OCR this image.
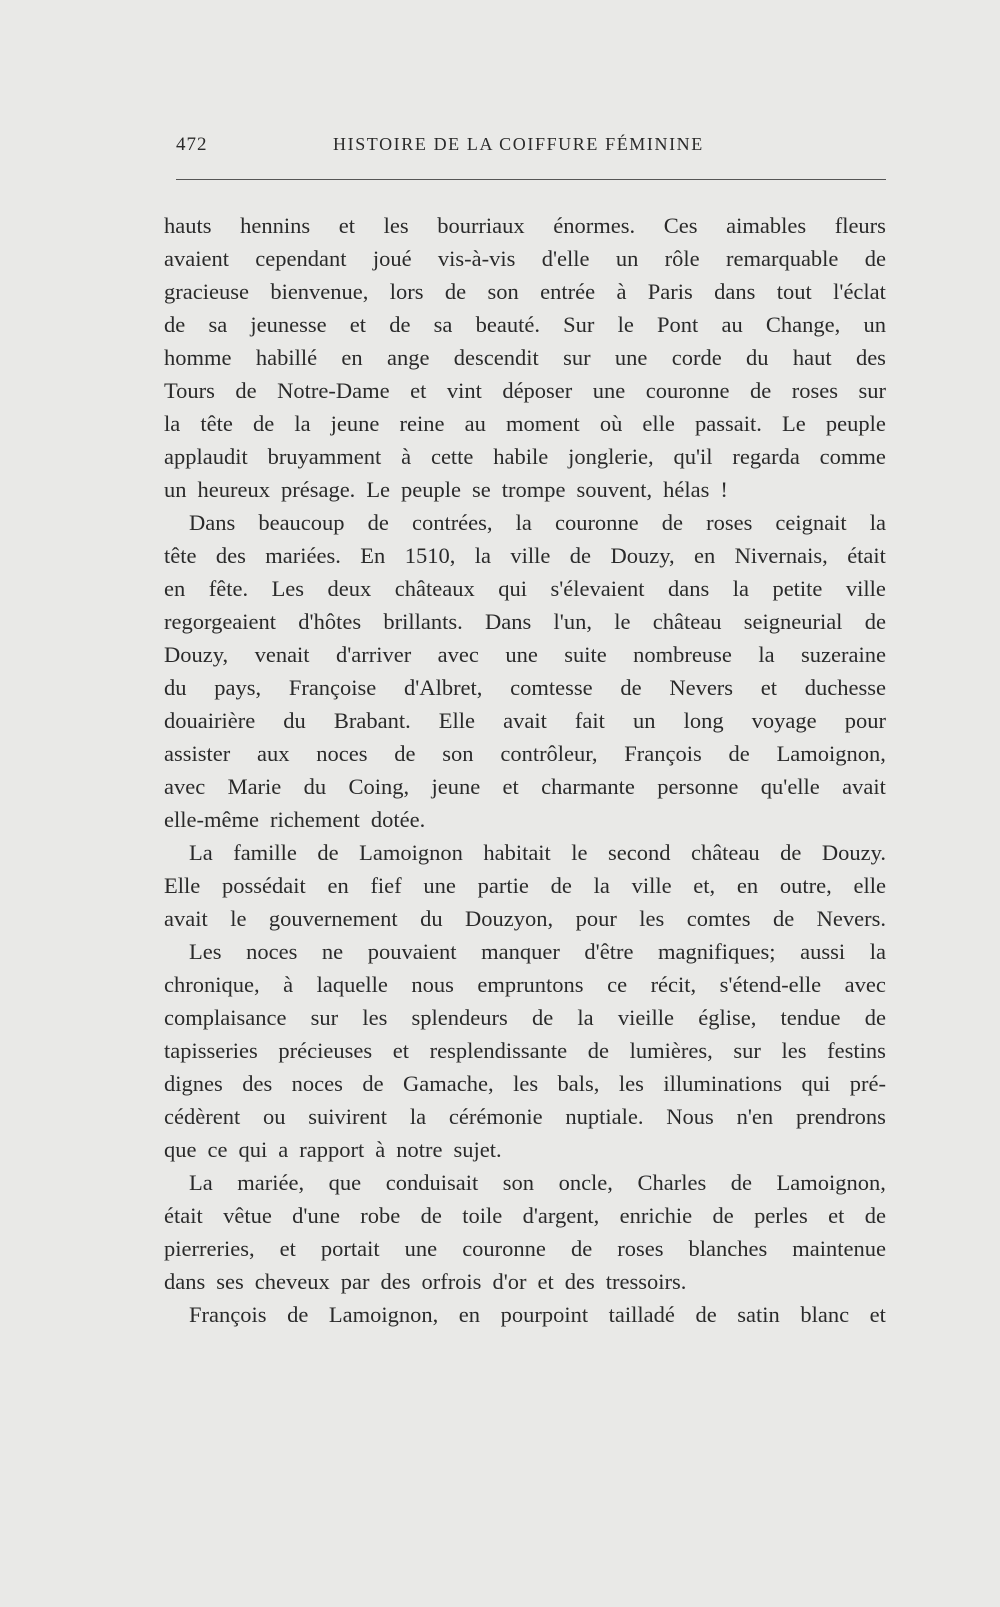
472	HISTOIRE DE LA COIFFURE FÉMININE
hauts hennins et les bourriaux énormes. Ces aimables fleurs
avaient cependant joué vis-à-vis d'elle un rôle remarquable de
gracieuse bienvenue, lors de son entrée à Paris dans tout l'éclat
de sa jeunesse et de sa beauté. Sur le Pont au Change, un
homme habillé en ange descendit sur une corde du haut des
Tours de Notre-Dame et vint déposer une couronne de roses sur
la tête de la jeune reine au moment où elle passait. Le peuple
applaudit bruyamment à cette habile jonglerie, qu'il regarda comme
un heureux présage. Le peuple se trompe souvent, hélas !
Dans beaucoup de contrées, la couronne de roses ceignait la
tête des mariées. En 1510, la ville de Douzy, en Nivernais, était
en fête. Les deux châteaux qui s'élevaient dans la petite ville
regorgeaient d'hôtes brillants. Dans l'un, le château seigneurial de
Douzy, venait d'arriver avec une suite nombreuse la suzeraine
du pays, Françoise d'Albret, comtesse de Nevers et duchesse
douairière du Brabant. Elle avait fait un long voyage pour
assister aux noces de son contrôleur, François de Lamoignon,
avec Marie du Coing, jeune et charmante personne qu'elle avait
elle-même richement dotée.
La famille de Lamoignon habitait le second château de Douzy.
Elle possédait en fief une partie de la ville et, en outre, elle
avait le gouvernement du Douzyon, pour les comtes de Nevers.
Les noces ne pouvaient manquer d'être magnifiques; aussi la
chronique, à laquelle nous empruntons ce récit, s'étend-elle avec
complaisance sur les splendeurs de la vieille église, tendue de
tapisseries précieuses et resplendissante de lumières, sur les festins
dignes des noces de Gamache, les bals, les illuminations qui pré-
cédèrent ou suivirent la cérémonie nuptiale. Nous n'en prendrons
que ce qui a rapport à notre sujet.
La mariée, que conduisait son oncle, Charles de Lamoignon,
était vêtue d'une robe de toile d'argent, enrichie de perles et de
pierreries, et portait une couronne de roses blanches maintenue
dans ses cheveux par des orfrois d'or et des tressoirs.
François de Lamoignon, en pourpoint tailladé de satin blanc et
